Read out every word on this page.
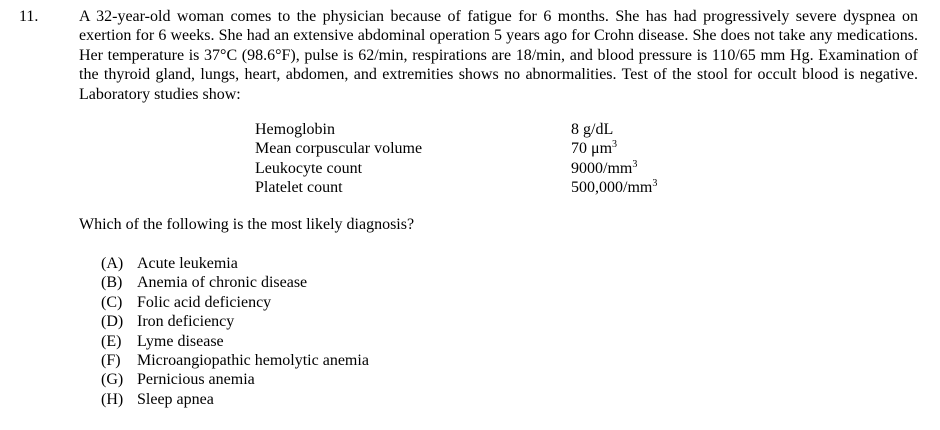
11.	A 32-year-old woman comes to the physician because of fatigue for 6 months. She has had progressively severe dyspnea on exertion for 6 weeks. She had an extensive abdominal operation 5 years ago for Crohn disease. She does not take any medications. Her temperature is 37°C (98.6°F), pulse is 62/min, respirations are 18/min, and blood pressure is 110/65 mm Hg. Examination of the thyroid gland, lungs, heart, abdomen, and extremities shows no abnormalities. Test of the stool for occult blood is negative. Laboratory studies show:

Hemoglobin	8 g/dL
Mean corpuscular volume	70 $\mu m^3$
Leukocyte count	$9000/mm^3$
Platelet count	$500,000/mm^3$
Which of the following is the most likely diagnosis?
(A) Acute leukemia
(B) Anemia of chronic disease
(C) Folic acid deficiency
(D) Iron deficiency
(E) Lyme disease
(F) Microangiopathic hemolytic anemia
(G) Pernicious anemia
(H) Sleep apnea
